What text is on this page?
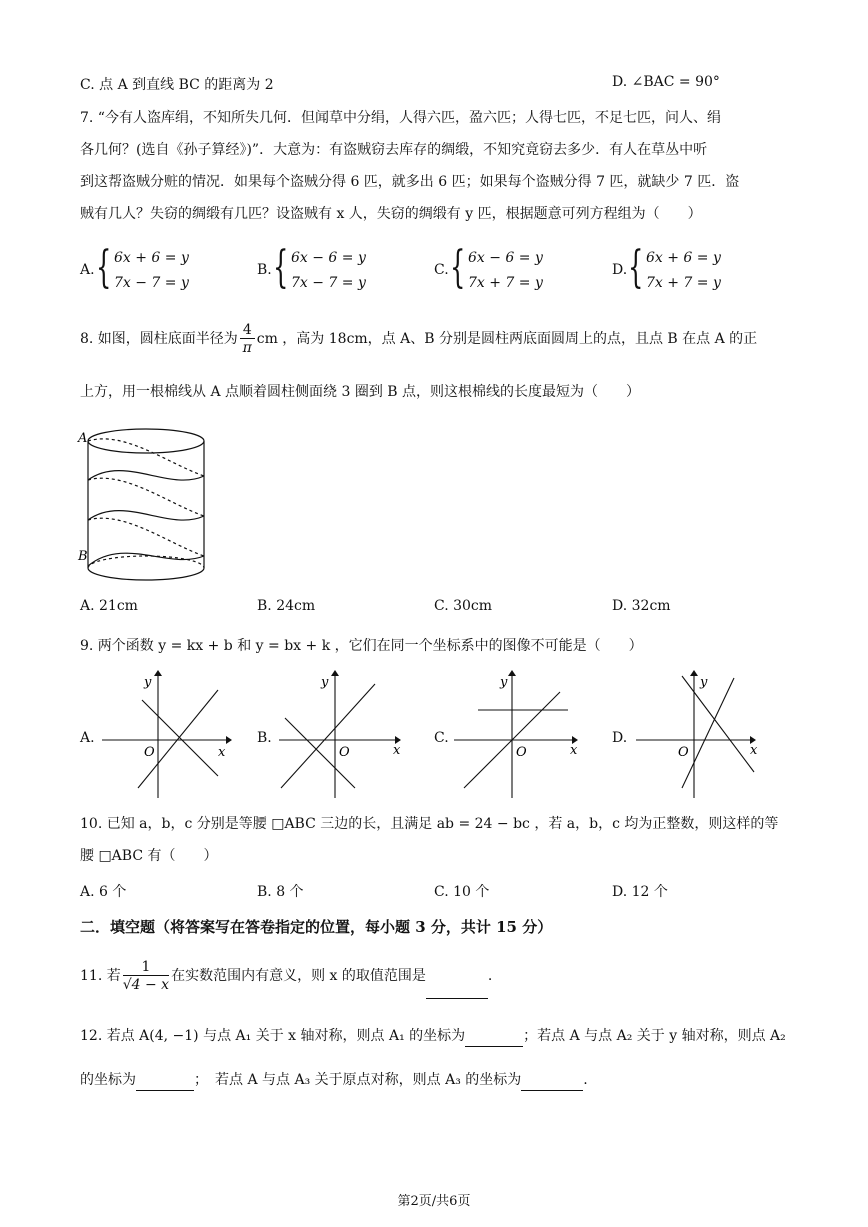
C. 点 A 到直线 BC 的距离为 2	D. ∠BAC = 90°
7. “今有人盗库绢，不知所失几何．但闻草中分绢，人得六匹，盈六匹；人得七匹，不足七匹，问人、绢
各几何？(选自《孙子算经》)”．大意为：有盗贼窃去库存的绸缎，不知究竟窃去多少．有人在草丛中听
到这帮盗贼分赃的情况．如果每个盗贼分得 6 匹，就多出 6 匹；如果每个盗贼分得 7 匹，就缺少 7 匹．盗
贼有几人？失窃的绸缎有几匹？设盗贼有 x 人，失窃的绸缎有 y 匹，根据题意可列方程组为（　　）
A. { 6x + 6 = y
7x − 7 = y
B. { 6x − 6 = y
7x − 7 = y
C. { 6x − 6 = y
7x + 7 = y
D. { 6x + 6 = y
7x + 7 = y
8. 如图，圆柱底面半径为 $\frac{4}{\pi}$ cm ，高为 18cm，点 A、B 分别是圆柱两底面圆周上的点，且点 B 在点 A 的正
上方，用一根棉线从 A 点顺着圆柱侧面绕 3 圈到 B 点，则这根棉线的长度最短为（　　）
A
B
A. 21cm	B. 24cm	C. 30cm	D. 32cm
9. 两个函数 y = kx + b 和 y = bx + k ，它们在同一个坐标系中的图像不可能是（　　）
A.
x
y
O
B.
x
y
O
C.
x
y
O
D.
x
y
O
10. 已知 a，b，c 分别是等腰 □ABC 三边的长，且满足 ab = 24 − bc ，若 a，b，c 均为正整数，则这样的等
腰 □ABC 有（　　）
A. 6 个	B. 8 个	C. 10 个	D. 12 个
二．填空题（将答案写在答卷指定的位置，每小题 3 分，共计 15 分）
11. 若 $\frac{1}{√4 - x}$ 在实数范围内有意义，则 x 的取值范围是	.
12. 若点 A(4, −1) 与点 A₁ 关于 x 轴对称，则点 A₁ 的坐标为	；若点 A 与点 A₂ 关于 y 轴对称，则点 A₂
的坐标为	；　若点 A 与点 A₃ 关于原点对称，则点 A₃ 的坐标为	.
第2页/共6页
